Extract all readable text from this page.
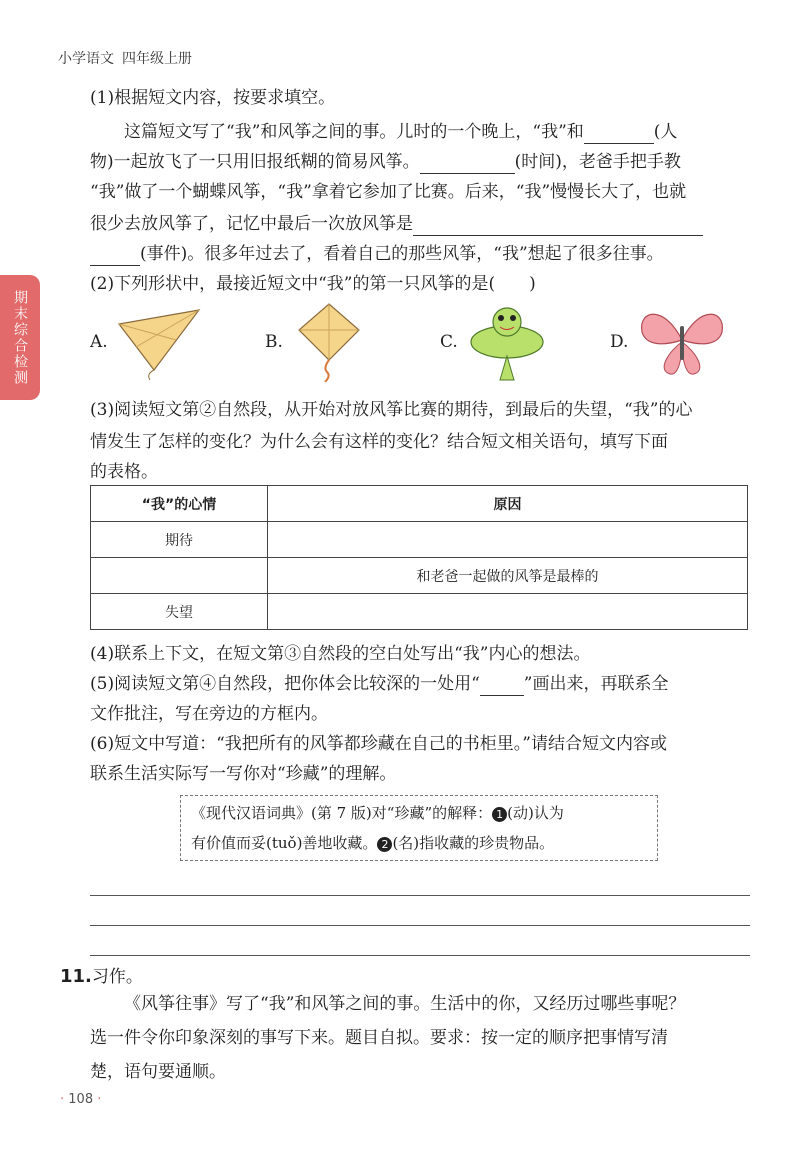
小学语文 四年级上册
期末综合检测
(1)根据短文内容，按要求填空。
这篇短文写了“我”和风筝之间的事。儿时的一个晚上，“我”和	(人
物)一起放飞了一只用旧报纸糊的简易风筝。	(时间)，老爸手把手教
“我”做了一个蝴蝶风筝，“我”拿着它参加了比赛。后来，“我”慢慢长大了，也就
很少去放风筝了，记忆中最后一次放风筝是
(事件)。很多年过去了，看着自己的那些风筝，“我”想起了很多往事。
(2)下列形状中，最接近短文中“我”的第一只风筝的是(　　)
A.	B.	C.	D.
(3)阅读短文第②自然段，从开始对放风筝比赛的期待，到最后的失望，“我”的心
情发生了怎样的变化？为什么会有这样的变化？结合短文相关语句，填写下面
的表格。
“我”的心情	原因
期待	
	和老爸一起做的风筝是最棒的
失望	
(4)联系上下文，在短文第③自然段的空白处写出“我”内心的想法。
(5)阅读短文第④自然段，把你体会比较深的一处用“	”画出来，再联系全
文作批注，写在旁边的方框内。
(6)短文中写道：“我把所有的风筝都珍藏在自己的书柜里。”请结合短文内容或
联系生活实际写一写你对“珍藏”的理解。
《现代汉语词典》(第 7 版)对“珍藏”的解释： 1 (动)认为
有价值而妥(tuǒ)善地收藏。 2 (名)指收藏的珍贵物品。
11.习作。
《风筝往事》写了“我”和风筝之间的事。生活中的你，又经历过哪些事呢？
选一件令你印象深刻的事写下来。题目自拟。要求：按一定的顺序把事情写清
楚，语句要通顺。
· 108 ·
